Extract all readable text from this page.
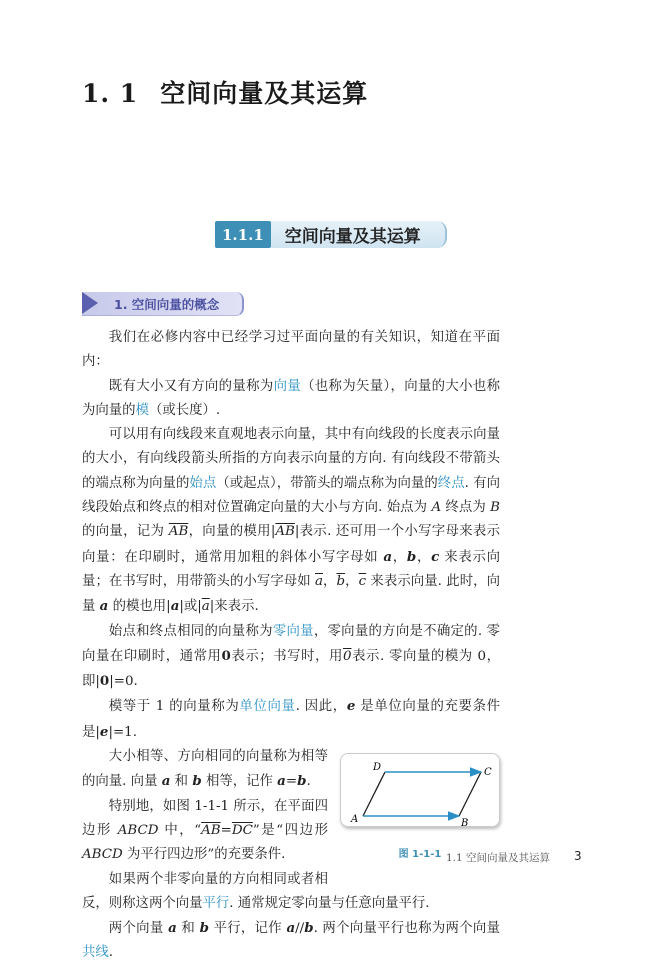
1. 1 空间向量及其运算
1.1.1	空间向量及其运算
1. 空间向量的概念

我们在必修内容中已经学习过平面向量的有关知识，知道在平面内：

既有大小又有方向的量称为向量（也称为矢量），向量的大小也称为向量的模（或长度）.

可以用有向线段来直观地表示向量，其中有向线段的长度表示向量的大小，有向线段箭头所指的方向表示向量的方向. 有向线段不带箭头的端点称为向量的始点（或起点），带箭头的端点称为向量的终点. 有向线段始点和终点的相对位置确定向量的大小与方向. 始点为 A 终点为 B 的向量，记为 $\overline{AB}$，向量的模用$|\overline{AB}|$表示. 还可用一个小写字母来表示向量：在印刷时，通常用加粗的斜体小写字母如 a，b，c 来表示向量；在书写时，用带箭头的小写字母如 $\overline{a}$，$\overline{b}$，$\overline{c}$ 来表示向量. 此时，向量 a 的模也用|a|或$|\overline{a}|$来表示.

始点和终点相同的向量称为零向量，零向量的方向是不确定的. 零向量在印刷时，通常用0表示；书写时，用0表示. 零向量的模为 0，即|0|=0.

模等于 1 的向量称为单位向量. 因此，e 是单位向量的充要条件是|e|=1.

A	B
C
D
图 1-1-1

大小相等、方向相同的向量称为相等的向量. 向量 a 和 b 相等，记作 a=b.

特别地，如图 1-1-1 所示，在平面四边形 ABCD 中，“$\overline{AB}=\overline{DC}$”是“四边形 ABCD 为平行四边形”的充要条件.

如果两个非零向量的方向相同或者相反，则称这两个向量平行. 通常规定零向量与任意向量平行.

两个向量 a 和 b 平行，记作 a//b. 两个向量平行也称为两个向量共线.

1.1 空间向量及其运算 3
